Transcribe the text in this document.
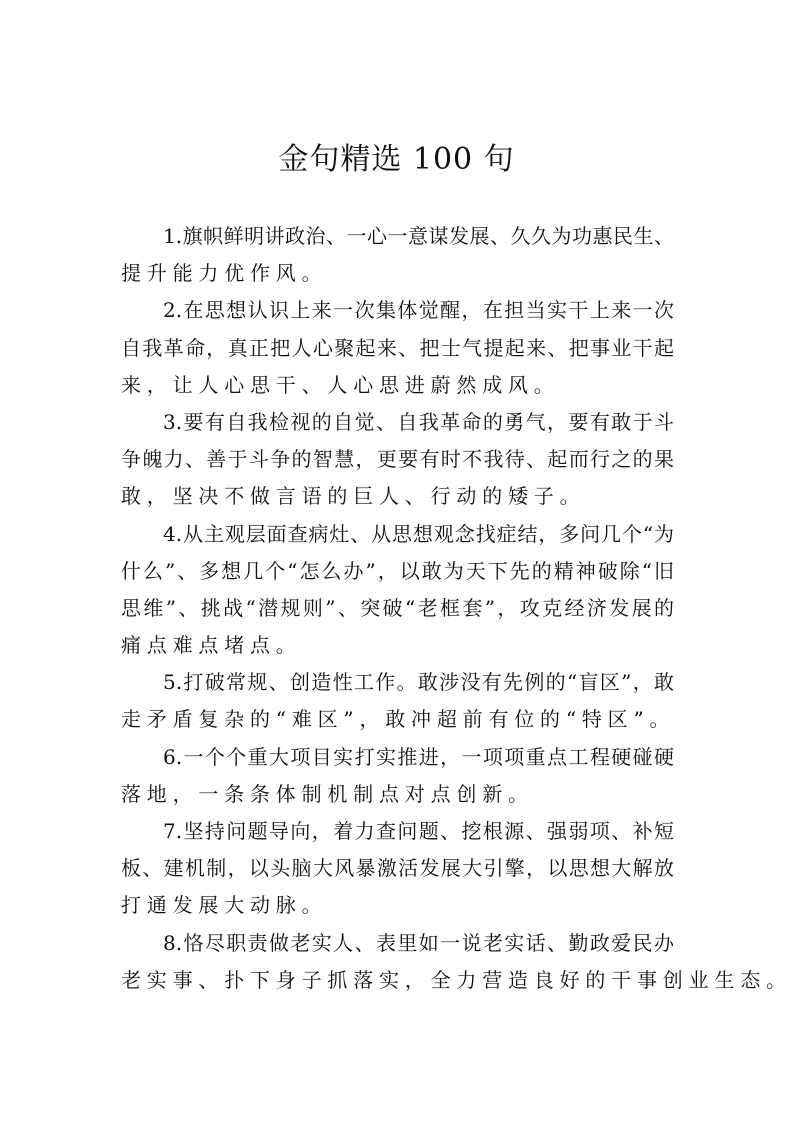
金句精选 100 句
1.旗帜鲜明讲政治、一心一意谋发展、久久为功惠民生、
提升能力优作风。
2.在思想认识上来一次集体觉醒，在担当实干上来一次
自我革命，真正把人心聚起来、把士气提起来、把事业干起
来，让人心思干、人心思进蔚然成风。
3.要有自我检视的自觉、自我革命的勇气，要有敢于斗
争魄力、善于斗争的智慧，更要有时不我待、起而行之的果
敢，坚决不做言语的巨人、行动的矮子。
4.从主观层面查病灶、从思想观念找症结，多问几个“为
什么”、多想几个“怎么办”，以敢为天下先的精神破除“旧
思维”、挑战“潜规则”、突破“老框套”，攻克经济发展的
痛点难点堵点。
5.打破常规、创造性工作。敢涉没有先例的“盲区”，敢
走矛盾复杂的“难区”，敢冲超前有位的“特区”。
6.一个个重大项目实打实推进，一项项重点工程硬碰硬
落地，一条条体制机制点对点创新。
7.坚持问题导向，着力查问题、挖根源、强弱项、补短
板、建机制，以头脑大风暴激活发展大引擎，以思想大解放
打通发展大动脉。
8.恪尽职责做老实人、表里如一说老实话、勤政爱民办
老实事、扑下身子抓落实，全力营造良好的干事创业生态。
